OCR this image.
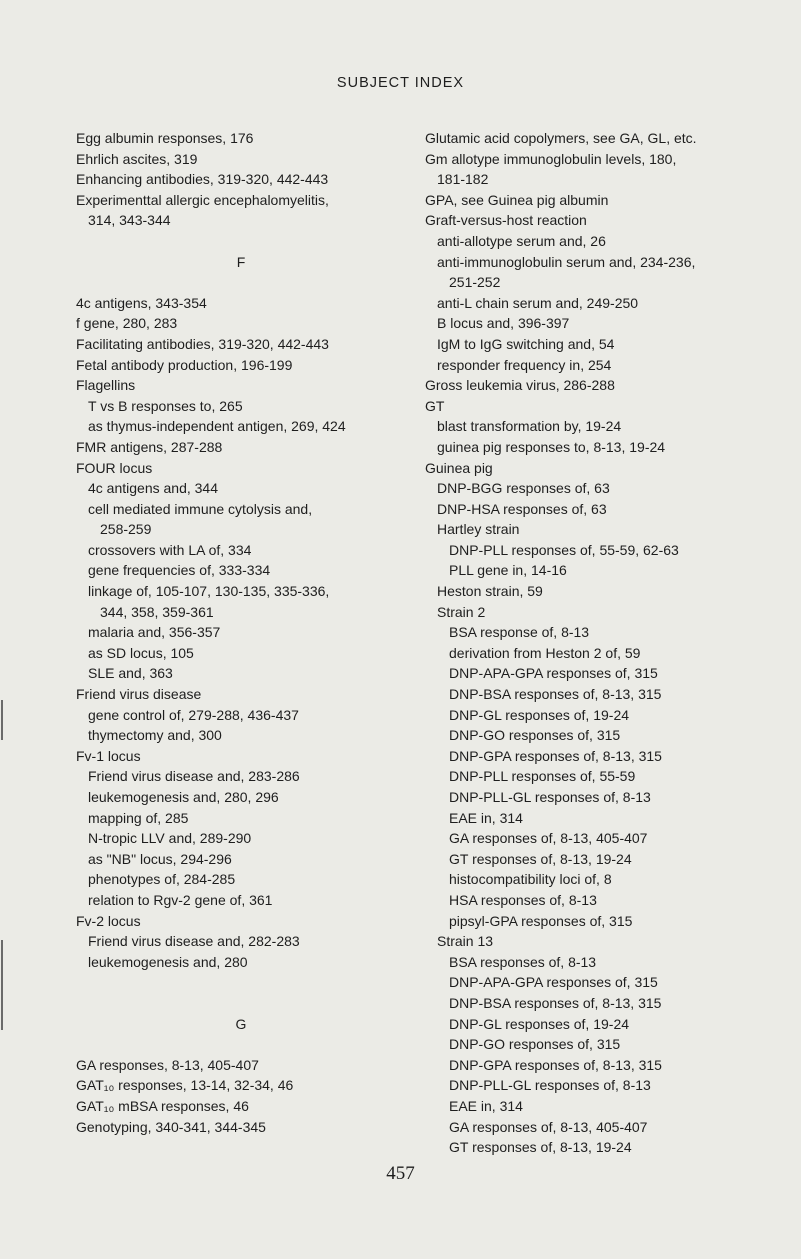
SUBJECT INDEX
Egg albumin responses, 176
Ehrlich ascites, 319
Enhancing antibodies, 319-320, 442-443
Experimenttal allergic encephalomyelitis,
314, 343-344
F
4c antigens, 343-354
f gene, 280, 283
Facilitating antibodies, 319-320, 442-443
Fetal antibody production, 196-199
Flagellins
T vs B responses to, 265
as thymus-independent antigen, 269, 424
FMR antigens, 287-288
FOUR locus
4c antigens and, 344
cell mediated immune cytolysis and,
258-259
crossovers with LA of, 334
gene frequencies of, 333-334
linkage of, 105-107, 130-135, 335-336,
344, 358, 359-361
malaria and, 356-357
as SD locus, 105
SLE and, 363
Friend virus disease
gene control of, 279-288, 436-437
thymectomy and, 300
Fv-1 locus
Friend virus disease and, 283-286
leukemogenesis and, 280, 296
mapping of, 285
N-tropic LLV and, 289-290
as "NB" locus, 294-296
phenotypes of, 284-285
relation to Rgv-2 gene of, 361
Fv-2 locus
Friend virus disease and, 282-283
leukemogenesis and, 280
G
GA responses, 8-13, 405-407
GAT₁₀ responses, 13-14, 32-34, 46
GAT₁₀ mBSA responses, 46
Genotyping, 340-341, 344-345
Glutamic acid copolymers, see GA, GL, etc.
Gm allotype immunoglobulin levels, 180,
181-182
GPA, see Guinea pig albumin
Graft-versus-host reaction
anti-allotype serum and, 26
anti-immunoglobulin serum and, 234-236,
251-252
anti-L chain serum and, 249-250
B locus and, 396-397
IgM to IgG switching and, 54
responder frequency in, 254
Gross leukemia virus, 286-288
GT
blast transformation by, 19-24
guinea pig responses to, 8-13, 19-24
Guinea pig
DNP-BGG responses of, 63
DNP-HSA responses of, 63
Hartley strain
DNP-PLL responses of, 55-59, 62-63
PLL gene in, 14-16
Heston strain, 59
Strain 2
BSA response of, 8-13
derivation from Heston 2 of, 59
DNP-APA-GPA responses of, 315
DNP-BSA responses of, 8-13, 315
DNP-GL responses of, 19-24
DNP-GO responses of, 315
DNP-GPA responses of, 8-13, 315
DNP-PLL responses of, 55-59
DNP-PLL-GL responses of, 8-13
EAE in, 314
GA responses of, 8-13, 405-407
GT responses of, 8-13, 19-24
histocompatibility loci of, 8
HSA responses of, 8-13
pipsyl-GPA responses of, 315
Strain 13
BSA responses of, 8-13
DNP-APA-GPA responses of, 315
DNP-BSA responses of, 8-13, 315
DNP-GL responses of, 19-24
DNP-GO responses of, 315
DNP-GPA responses of, 8-13, 315
DNP-PLL-GL responses of, 8-13
EAE in, 314
GA responses of, 8-13, 405-407
GT responses of, 8-13, 19-24
457
